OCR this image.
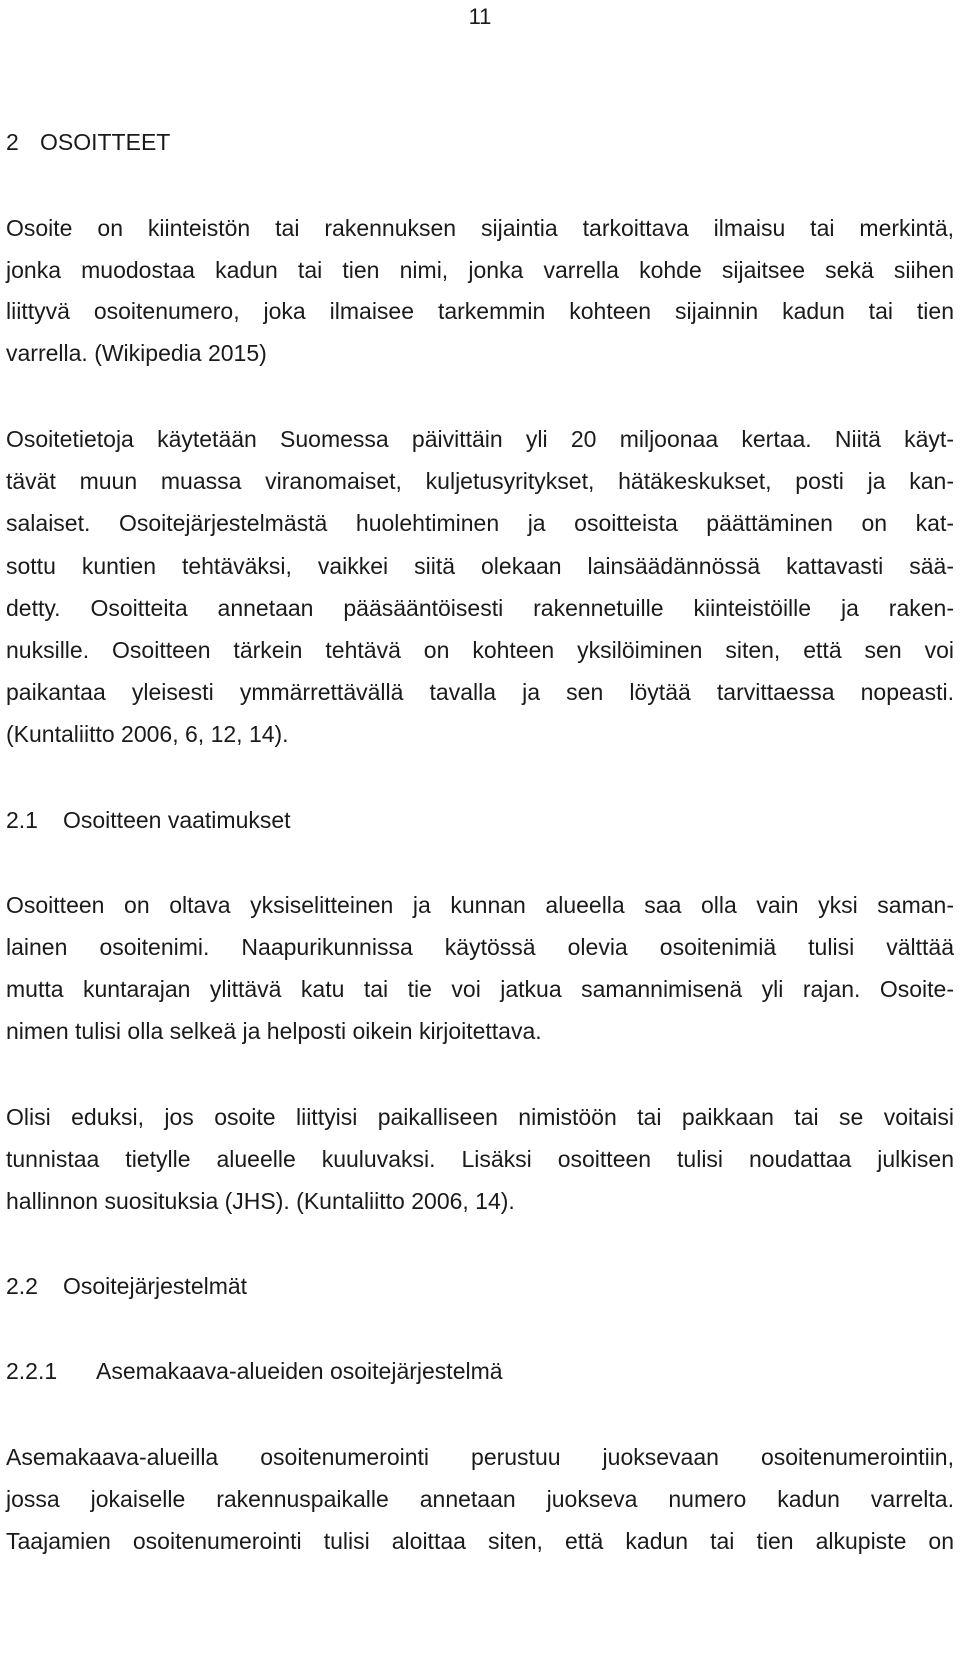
11
2 OSOITTEET
Osoite on kiinteistön tai rakennuksen sijaintia tarkoittava ilmaisu tai merkintä,
jonka muodostaa kadun tai tien nimi, jonka varrella kohde sijaitsee sekä siihen
liittyvä osoitenumero, joka ilmaisee tarkemmin kohteen sijainnin kadun tai tien
varrella. (Wikipedia 2015)
Osoitetietoja käytetään Suomessa päivittäin yli 20 miljoonaa kertaa. Niitä käyt-
tävät muun muassa viranomaiset, kuljetusyritykset, hätäkeskukset, posti ja kan-
salaiset. Osoitejärjestelmästä huolehtiminen ja osoitteista päättäminen on kat-
sottu kuntien tehtäväksi, vaikkei siitä olekaan lainsäädännössä kattavasti sää-
detty. Osoitteita annetaan pääsääntöisesti rakennetuille kiinteistöille ja raken-
nuksille. Osoitteen tärkein tehtävä on kohteen yksilöiminen siten, että sen voi
paikantaa yleisesti ymmärrettävällä tavalla ja sen löytää tarvittaessa nopeasti.
(Kuntaliitto 2006, 6, 12, 14).
2.1 Osoitteen vaatimukset
Osoitteen on oltava yksiselitteinen ja kunnan alueella saa olla vain yksi saman-
lainen osoitenimi. Naapurikunnissa käytössä olevia osoitenimiä tulisi välttää
mutta kuntarajan ylittävä katu tai tie voi jatkua samannimisenä yli rajan. Osoite-
nimen tulisi olla selkeä ja helposti oikein kirjoitettava.
Olisi eduksi, jos osoite liittyisi paikalliseen nimistöön tai paikkaan tai se voitaisi
tunnistaa tietylle alueelle kuuluvaksi. Lisäksi osoitteen tulisi noudattaa julkisen
hallinnon suosituksia (JHS). (Kuntaliitto 2006, 14).
2.2 Osoitejärjestelmät
2.2.1 Asemakaava-alueiden osoitejärjestelmä
Asemakaava-alueilla osoitenumerointi perustuu juoksevaan osoitenumerointiin,
jossa jokaiselle rakennuspaikalle annetaan juokseva numero kadun varrelta.
Taajamien osoitenumerointi tulisi aloittaa siten, että kadun tai tien alkupiste on
